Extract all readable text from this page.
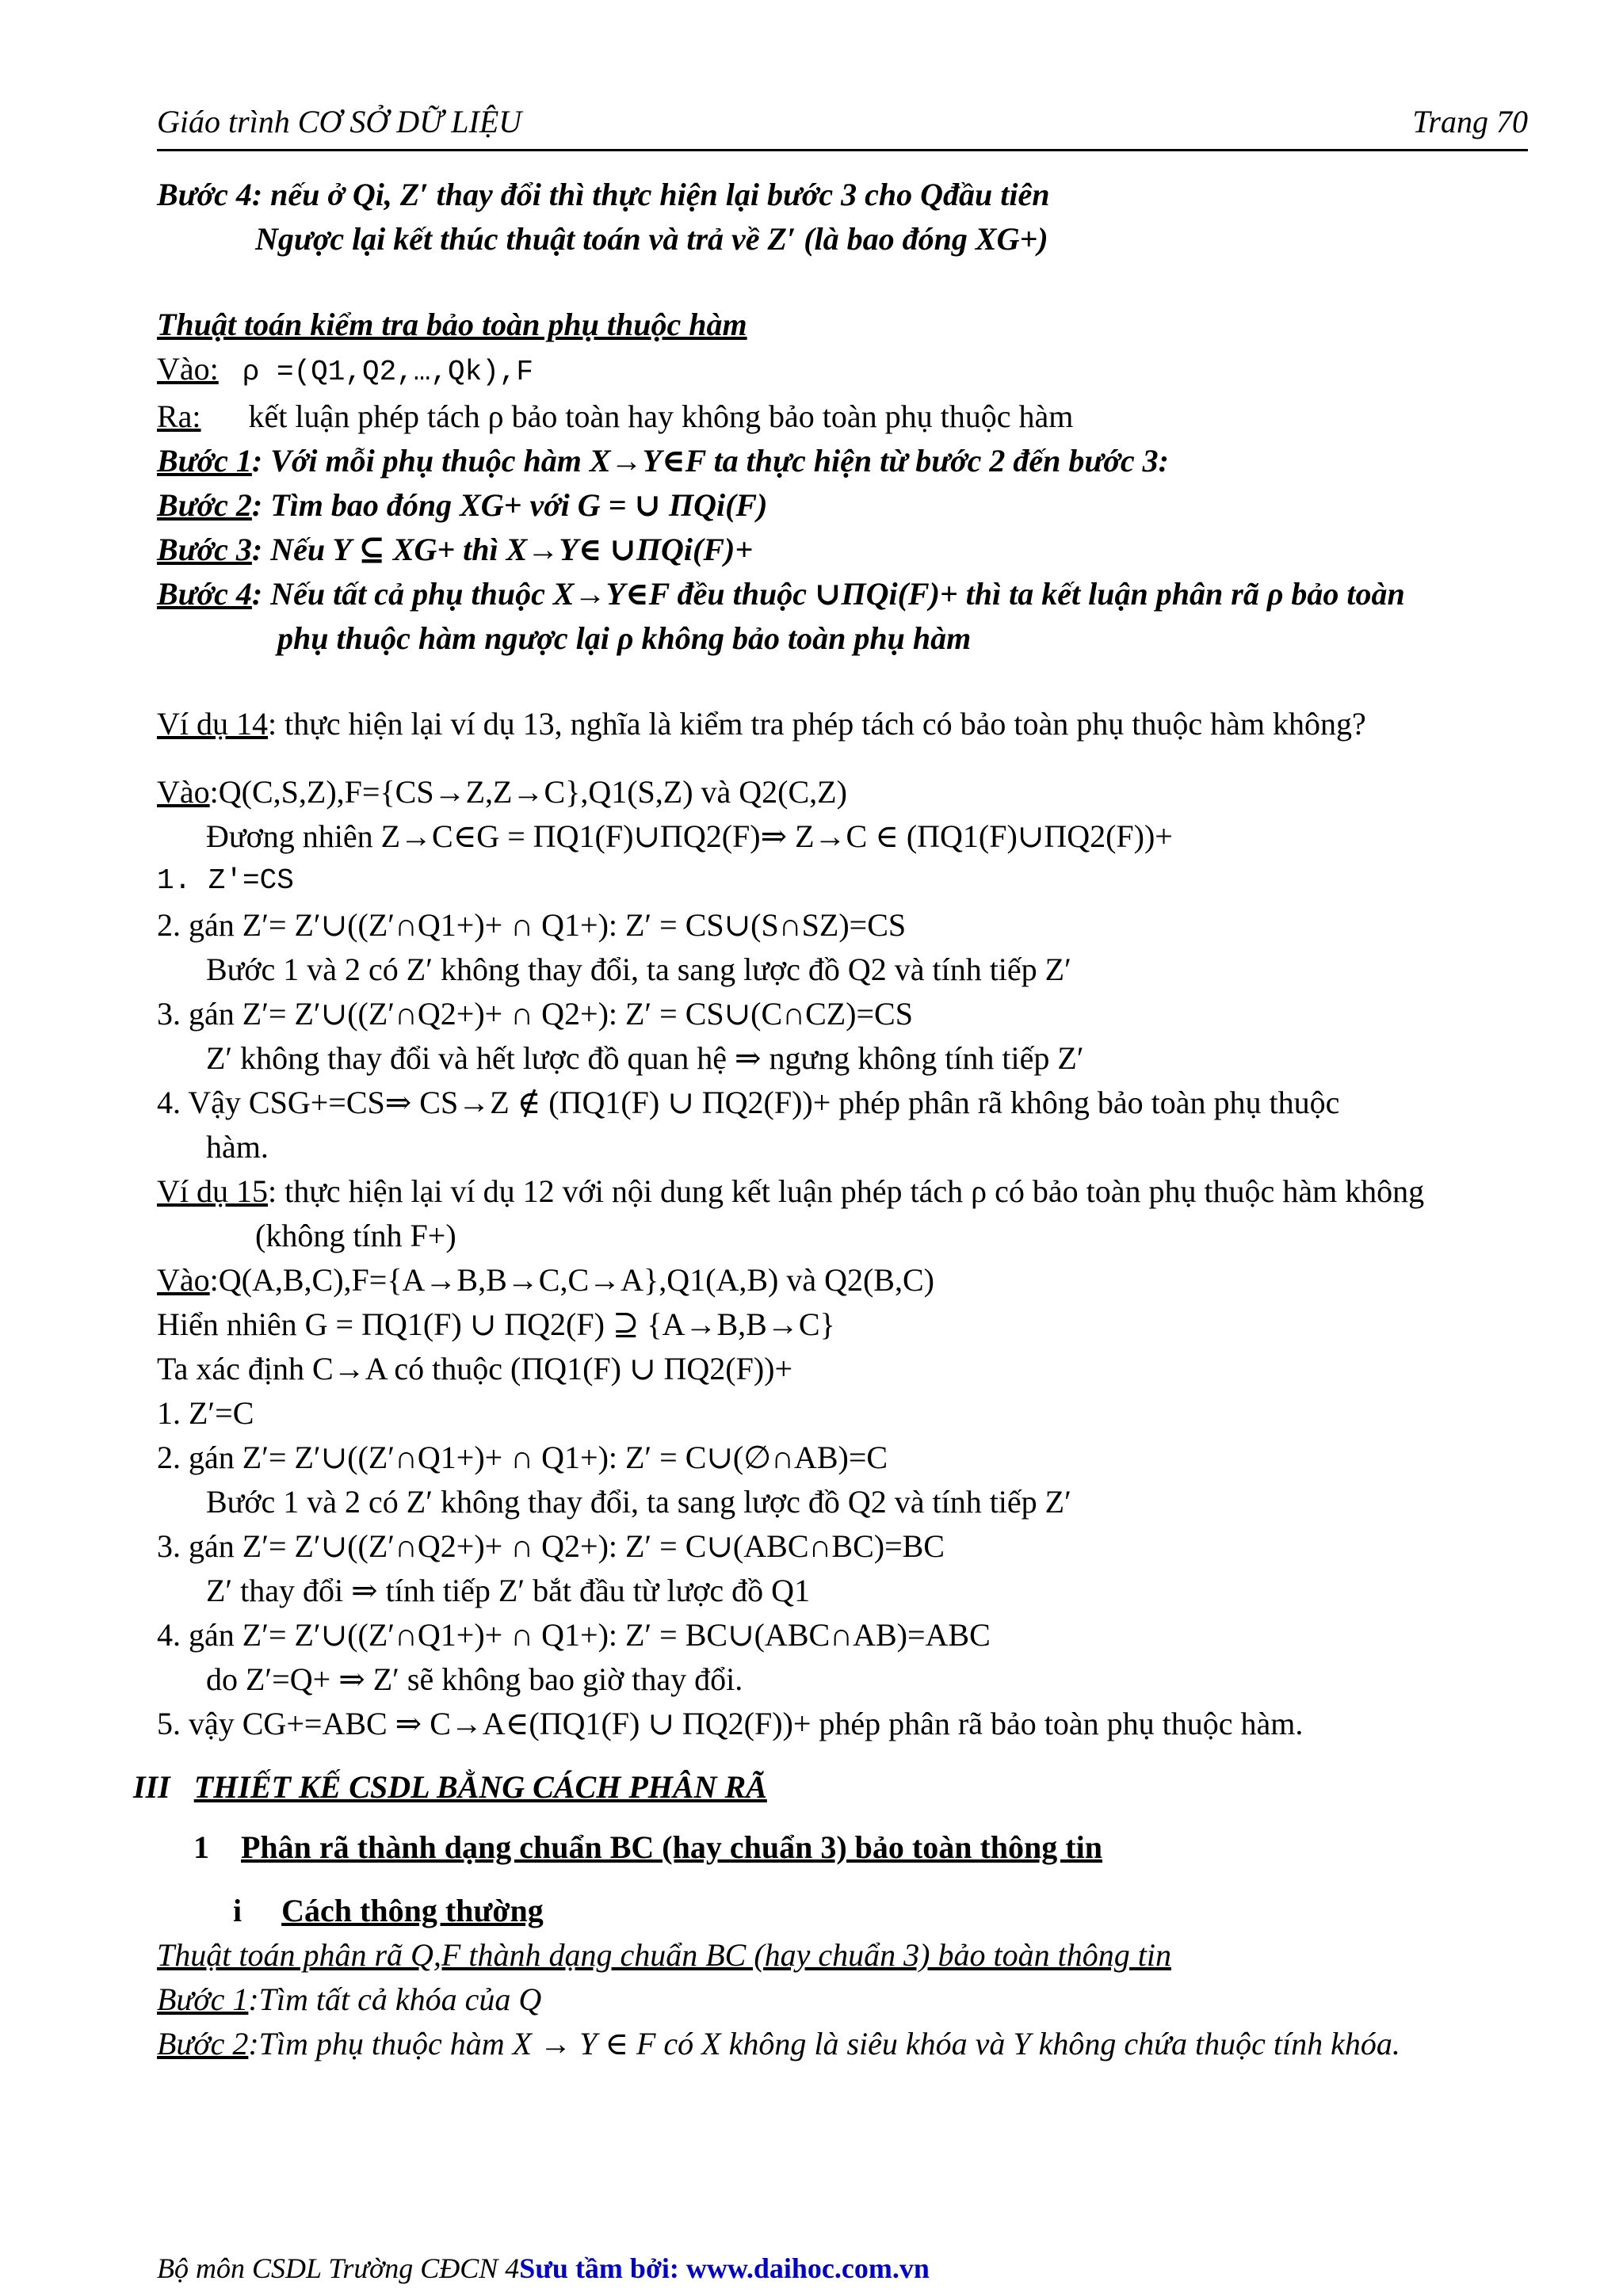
Giáo trình CƠ SỞ DỮ LIỆU	Trang 70
Bước 4: nếu ở Qi, Z′ thay đổi thì thực hiện lại bước 3 cho Qđầu tiên
Ngược lại kết thúc thuật toán và trả về Z′ (là bao đóng XG+)
Thuật toán kiểm tra bảo toàn phụ thuộc hàm
Vào: ρ =(Q1,Q2,…,Qk),F
Ra: kết luận phép tách ρ bảo toàn hay không bảo toàn phụ thuộc hàm
Bước 1: Với mỗi phụ thuộc hàm X→Y∈F ta thực hiện từ bước 2 đến bước 3:
Bước 2: Tìm bao đóng XG+ với G = ∪ ΠQi(F)
Bước 3: Nếu Y ⊆ XG+ thì X→Y∈ ∪ΠQi(F)+
Bước 4: Nếu tất cả phụ thuộc X→Y∈F đều thuộc ∪ΠQi(F)+ thì ta kết luận phân rã ρ bảo toàn
phụ thuộc hàm ngược lại ρ không bảo toàn phụ hàm
Ví dụ 14: thực hiện lại ví dụ 13, nghĩa là kiểm tra phép tách có bảo toàn phụ thuộc hàm không?
Vào:Q(C,S,Z),F={CS→Z,Z→C},Q1(S,Z) và Q2(C,Z)
Đương nhiên Z→C∈G = ΠQ1(F)∪ΠQ2(F)⇒ Z→C ∈ (ΠQ1(F)∪ΠQ2(F))+
1. Z′=CS
2. gán Z′= Z′∪((Z′∩Q1+)+ ∩ Q1+): Z′ = CS∪(S∩SZ)=CS
Bước 1 và 2 có Z′ không thay đổi, ta sang lược đồ Q2 và tính tiếp Z′
3. gán Z′= Z′∪((Z′∩Q2+)+ ∩ Q2+): Z′ = CS∪(C∩CZ)=CS
Z′ không thay đổi và hết lược đồ quan hệ ⇒ ngưng không tính tiếp Z′
4. Vậy CSG+=CS⇒ CS→Z ∉ (ΠQ1(F) ∪ ΠQ2(F))+ phép phân rã không bảo toàn phụ thuộc
hàm.
Ví dụ 15: thực hiện lại ví dụ 12 với nội dung kết luận phép tách ρ có bảo toàn phụ thuộc hàm không
(không tính F+)
Vào:Q(A,B,C),F={A→B,B→C,C→A},Q1(A,B) và Q2(B,C)
Hiển nhiên G = ΠQ1(F) ∪ ΠQ2(F) ⊇ {A→B,B→C}
Ta xác định C→A có thuộc (ΠQ1(F) ∪ ΠQ2(F))+
1. Z′=C
2. gán Z′= Z′∪((Z′∩Q1+)+ ∩ Q1+): Z′ = C∪(∅∩AB)=C
Bước 1 và 2 có Z′ không thay đổi, ta sang lược đồ Q2 và tính tiếp Z′
3. gán Z′= Z′∪((Z′∩Q2+)+ ∩ Q2+): Z′ = C∪(ABC∩BC)=BC
Z′ thay đổi ⇒ tính tiếp Z′ bắt đầu từ lược đồ Q1
4. gán Z′= Z′∪((Z′∩Q1+)+ ∩ Q1+): Z′ = BC∪(ABC∩AB)=ABC
do Z′=Q+ ⇒ Z′ sẽ không bao giờ thay đổi.
5. vậy CG+=ABC ⇒ C→A∈(ΠQ1(F) ∪ ΠQ2(F))+ phép phân rã bảo toàn phụ thuộc hàm.
III THIẾT KẾ CSDL BẰNG CÁCH PHÂN RÃ
1 Phân rã thành dạng chuẩn BC (hay chuẩn 3) bảo toàn thông tin
i Cách thông thường
Thuật toán phân rã Q,F thành dạng chuẩn BC (hay chuẩn 3) bảo toàn thông tin
Bước 1:Tìm tất cả khóa của Q
Bước 2:Tìm phụ thuộc hàm X → Y ∈ F có X không là siêu khóa và Y không chứa thuộc tính khóa.
Bộ môn CSDL Trường CĐCN 4Sưu tầm bởi: www.daihoc.com.vn
